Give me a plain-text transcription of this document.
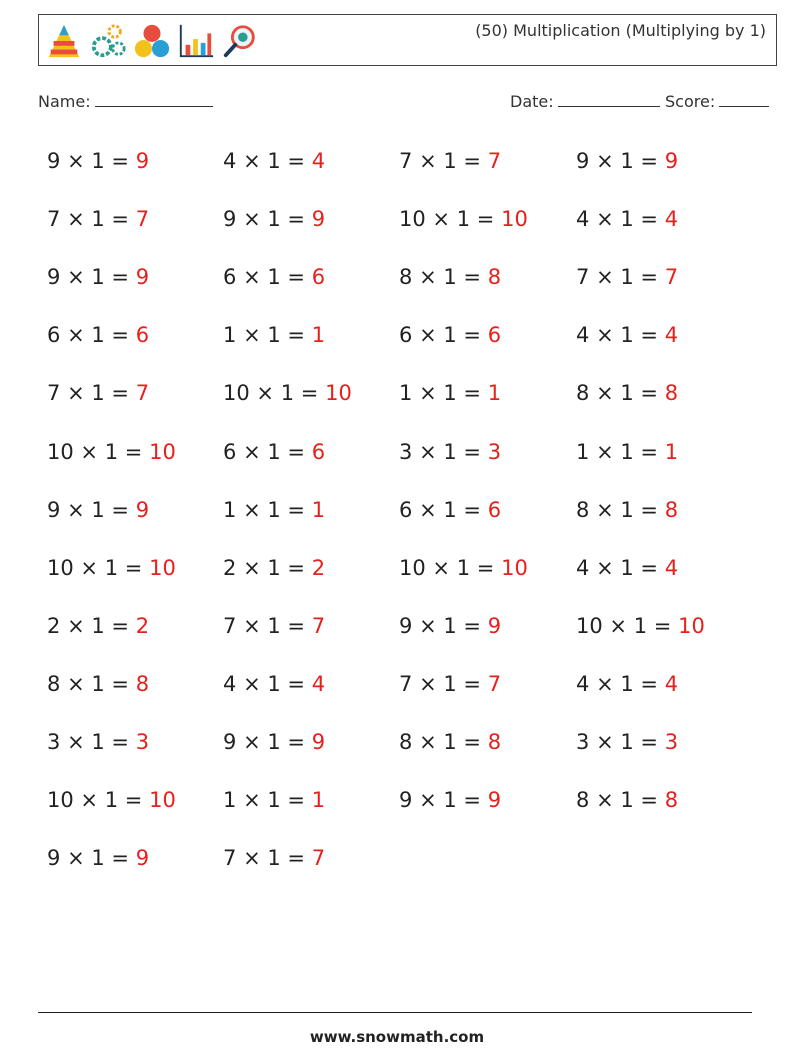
(50) Multiplication (Multiplying by 1)
Name:	Date:	Score:
9 × 1 = 9
7 × 1 = 7
9 × 1 = 9
6 × 1 = 6
7 × 1 = 7
10 × 1 = 10
9 × 1 = 9
10 × 1 = 10
2 × 1 = 2
8 × 1 = 8
3 × 1 = 3
10 × 1 = 10
9 × 1 = 9
4 × 1 = 4
9 × 1 = 9
6 × 1 = 6
1 × 1 = 1
10 × 1 = 10
6 × 1 = 6
1 × 1 = 1
2 × 1 = 2
7 × 1 = 7
4 × 1 = 4
9 × 1 = 9
1 × 1 = 1
7 × 1 = 7
7 × 1 = 7
10 × 1 = 10
8 × 1 = 8
6 × 1 = 6
1 × 1 = 1
3 × 1 = 3
6 × 1 = 6
10 × 1 = 10
9 × 1 = 9
7 × 1 = 7
8 × 1 = 8
9 × 1 = 9
9 × 1 = 9
4 × 1 = 4
7 × 1 = 7
4 × 1 = 4
8 × 1 = 8
1 × 1 = 1
8 × 1 = 8
4 × 1 = 4
10 × 1 = 10
4 × 1 = 4
3 × 1 = 3
8 × 1 = 8
www.snowmath.com
